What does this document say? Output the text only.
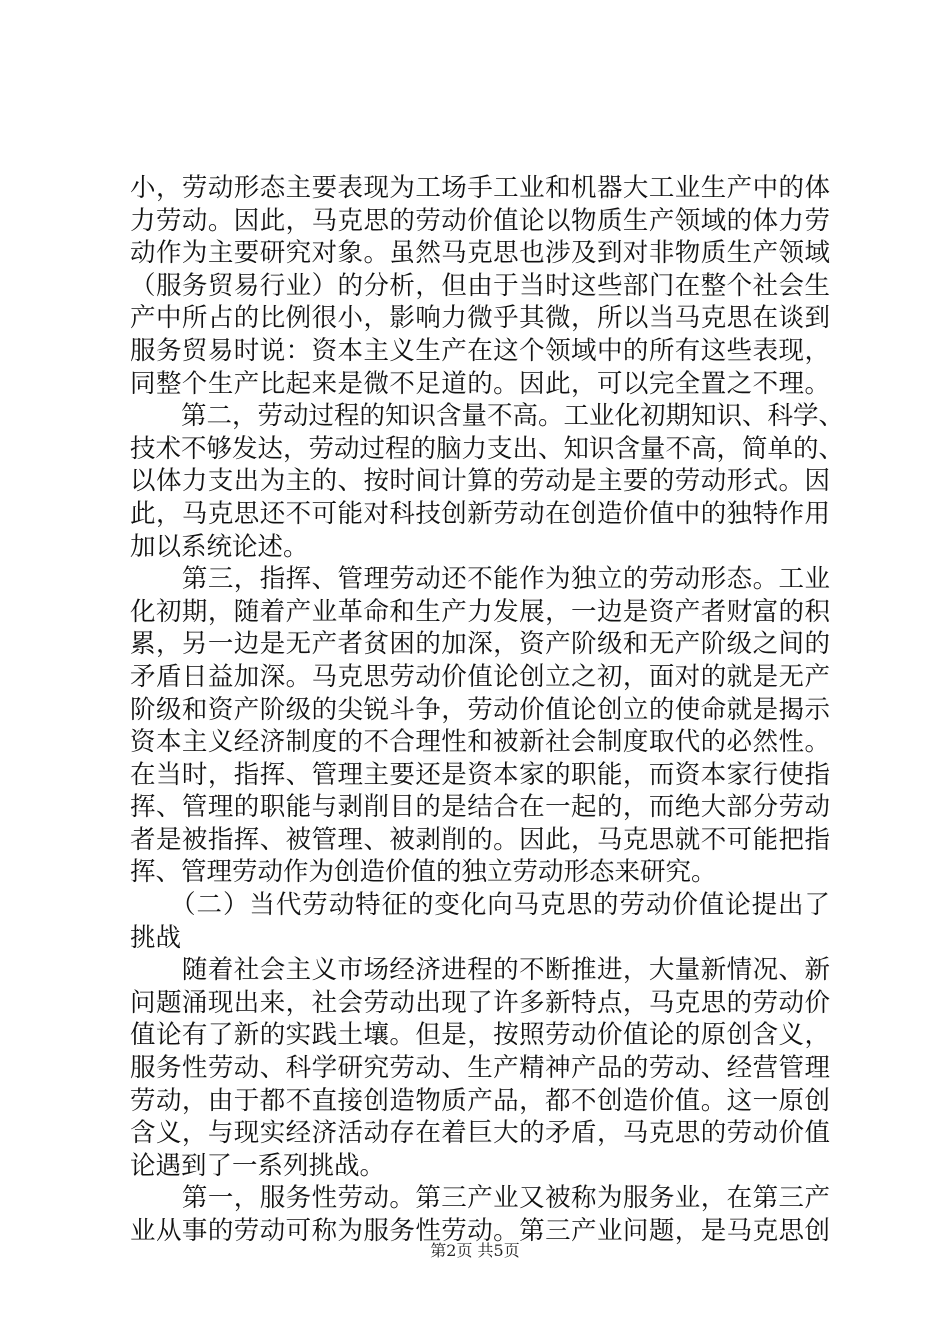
小，劳动形态主要表现为工场手工业和机器大工业生产中的体
力劳动。因此，马克思的劳动价值论以物质生产领域的体力劳
动作为主要研究对象。虽然马克思也涉及到对非物质生产领域
（服务贸易行业）的分析，但由于当时这些部门在整个社会生
产中所占的比例很小，影响力微乎其微，所以当马克思在谈到
服务贸易时说：资本主义生产在这个领域中的所有这些表现，
同整个生产比起来是微不足道的。因此，可以完全置之不理。
　　第二，劳动过程的知识含量不高。工业化初期知识、科学、
技术不够发达，劳动过程的脑力支出、知识含量不高，简单的、
以体力支出为主的、按时间计算的劳动是主要的劳动形式。因
此，马克思还不可能对科技创新劳动在创造价值中的独特作用
加以系统论述。
　　第三，指挥、管理劳动还不能作为独立的劳动形态。工业
化初期，随着产业革命和生产力发展，一边是资产者财富的积
累，另一边是无产者贫困的加深，资产阶级和无产阶级之间的
矛盾日益加深。马克思劳动价值论创立之初，面对的就是无产
阶级和资产阶级的尖锐斗争，劳动价值论创立的使命就是揭示
资本主义经济制度的不合理性和被新社会制度取代的必然性。
在当时，指挥、管理主要还是资本家的职能，而资本家行使指
挥、管理的职能与剥削目的是结合在一起的，而绝大部分劳动
者是被指挥、被管理、被剥削的。因此，马克思就不可能把指
挥、管理劳动作为创造价值的独立劳动形态来研究。
　　（二）当代劳动特征的变化向马克思的劳动价值论提出了
挑战
　　随着社会主义市场经济进程的不断推进，大量新情况、新
问题涌现出来，社会劳动出现了许多新特点，马克思的劳动价
值论有了新的实践土壤。但是，按照劳动价值论的原创含义，
服务性劳动、科学研究劳动、生产精神产品的劳动、经营管理
劳动，由于都不直接创造物质产品，都不创造价值。这一原创
含义，与现实经济活动存在着巨大的矛盾，马克思的劳动价值
论遇到了一系列挑战。
　　第一，服务性劳动。第三产业又被称为服务业，在第三产
业从事的劳动可称为服务性劳动。第三产业问题，是马克思创
第2页 共5页
